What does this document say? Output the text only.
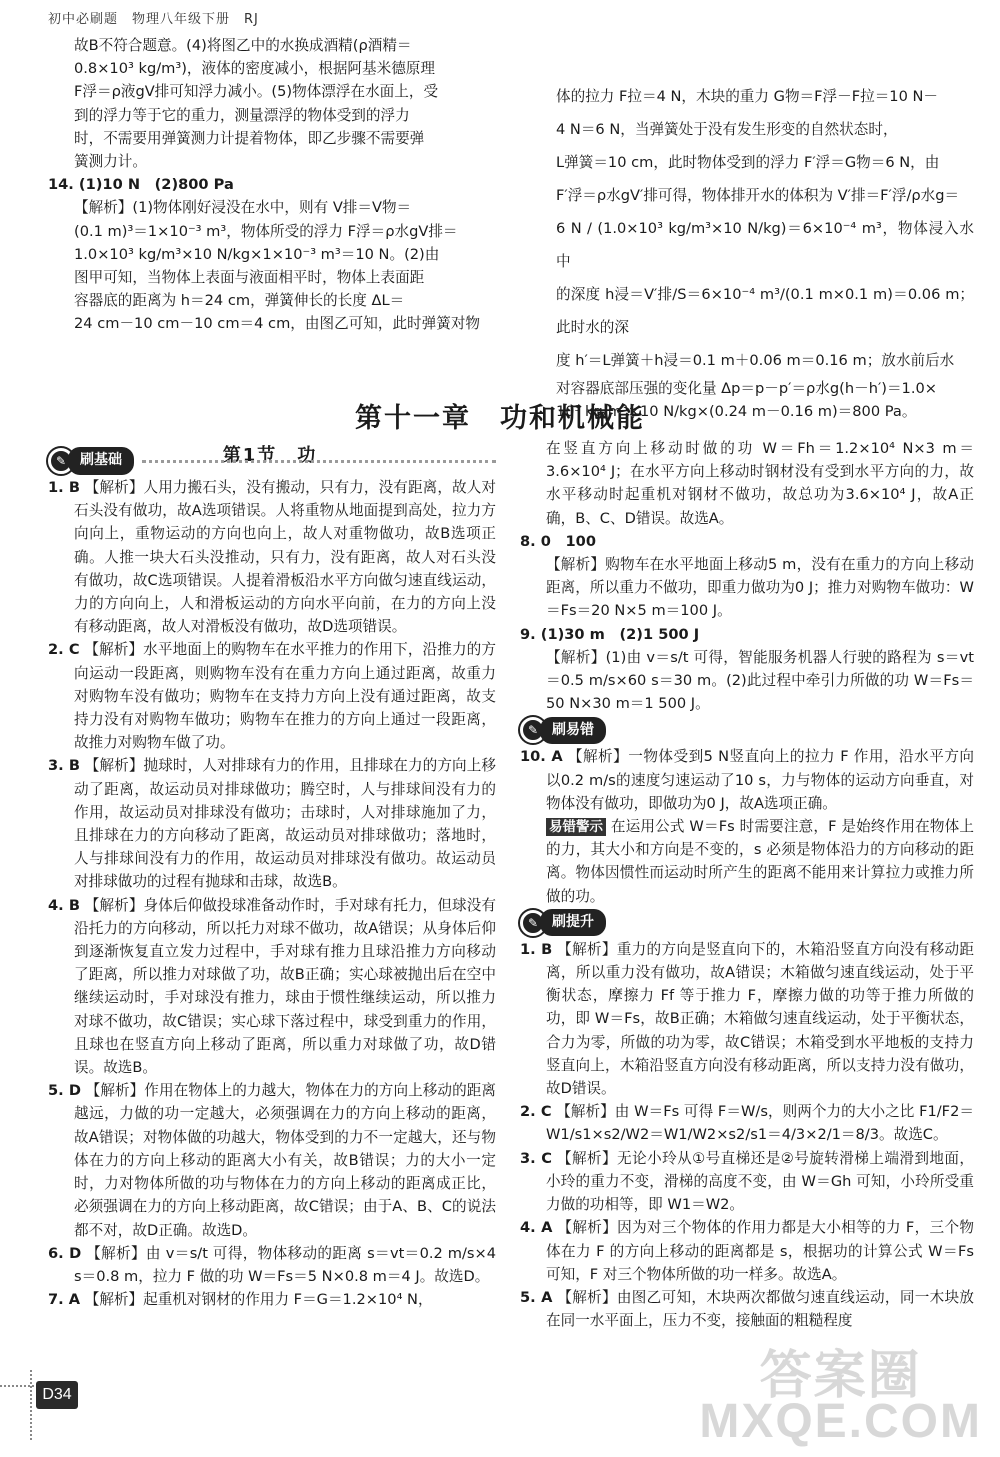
初中必刷题　物理八年级下册　RJ

故B不符合题意。(4)将图乙中的水换成酒精(ρ酒精＝

0.8×10³ kg/m³)，液体的密度减小，根据阿基米德原理

F浮＝ρ液gV排可知浮力减小。(5)物体漂浮在水面上，受

到的浮力等于它的重力，测量漂浮的物体受到的浮力

时，不需要用弹簧测力计提着物体，即乙步骤不需要弹

簧测力计。

14. (1)10 N　(2)800 Pa

【解析】(1)物体刚好浸没在水中，则有 V排＝V物＝

(0.1 m)³＝1×10⁻³ m³，物体所受的浮力 F浮＝ρ水gV排＝

1.0×10³ kg/m³×10 N/kg×1×10⁻³ m³＝10 N。(2)由

图甲可知，当物体上表面与液面相平时，物体上表面距

容器底的距离为 h＝24 cm，弹簧伸长的长度 ΔL＝

24 cm－10 cm－10 cm＝4 cm，由图乙可知，此时弹簧对物

体的拉力 F拉＝4 N，木块的重力 G物＝F浮－F拉＝10 N－

4 N＝6 N，当弹簧处于没有发生形变的自然状态时，

L弹簧＝10 cm，此时物体受到的浮力 F′浮＝G物＝6 N，由

F′浮＝ρ水gV′排可得，物体排开水的体积为 V′排＝F′浮/ρ水g＝

6 N / (1.0×10³ kg/m³×10 N/kg)＝6×10⁻⁴ m³，物体浸入水中

的深度 h浸＝V′排/S＝6×10⁻⁴ m³/(0.1 m×0.1 m)＝0.06 m；此时水的深

度 h′＝L弹簧＋h浸＝0.1 m＋0.06 m＝0.16 m；放水前后水

对容器底部压强的变化量 Δp＝p－p′＝ρ水g(h－h′)＝1.0×

10³ kg/m³×10 N/kg×(0.24 m－0.16 m)＝800 Pa。

第十一章　功和机械能
第1节　功
✎ 刷基础

1. B 【解析】人用力搬石头，没有搬动，只有力，没有距离，故人对石头没有做功，故A选项错误。人将重物从地面提到高处，拉力方向向上，重物运动的方向也向上，故人对重物做功，故B选项正确。人推一块大石头没推动，只有力，没有距离，故人对石头没有做功，故C选项错误。人提着滑板沿水平方向做匀速直线运动，力的方向向上，人和滑板运动的方向水平向前，在力的方向上没有移动距离，故人对滑板没有做功，故D选项错误。

2. C 【解析】水平地面上的购物车在水平推力的作用下，沿推力的方向运动一段距离，则购物车没有在重力方向上通过距离，故重力对购物车没有做功；购物车在支持力方向上没有通过距离，故支持力没有对购物车做功；购物车在推力的方向上通过一段距离，故推力对购物车做了功。

3. B 【解析】抛球时，人对排球有力的作用，且排球在力的方向上移动了距离，故运动员对排球做功；腾空时，人与排球间没有力的作用，故运动员对排球没有做功；击球时，人对排球施加了力，且排球在力的方向移动了距离，故运动员对排球做功；落地时，人与排球间没有力的作用，故运动员对排球没有做功。故运动员对排球做功的过程有抛球和击球，故选B。

4. B 【解析】身体后仰做投球准备动作时，手对球有托力，但球没有沿托力的方向移动，所以托力对球不做功，故A错误；从身体后仰到逐渐恢复直立发力过程中，手对球有推力且球沿推力方向移动了距离，所以推力对球做了功，故B正确；实心球被抛出后在空中继续运动时，手对球没有推力，球由于惯性继续运动，所以推力对球不做功，故C错误；实心球下落过程中，球受到重力的作用，且球也在竖直方向上移动了距离，所以重力对球做了功，故D错误。故选B。

5. D 【解析】作用在物体上的力越大，物体在力的方向上移动的距离越远，力做的功一定越大，必须强调在力的方向上移动的距离，故A错误；对物体做的功越大，物体受到的力不一定越大，还与物体在力的方向上移动的距离大小有关，故B错误；力的大小一定时，力对物体所做的功与物体在力的方向上移动的距离成正比，必须强调在力的方向上移动距离，故C错误；由于A、B、C的说法都不对，故D正确。故选D。

6. D 【解析】由 v＝s/t 可得，物体移动的距离 s＝vt＝0.2 m/s×4 s＝0.8 m，拉力 F 做的功 W＝Fs＝5 N×0.8 m＝4 J。故选D。

7. A 【解析】起重机对钢材的作用力 F＝G＝1.2×10⁴ N，

在竖直方向上移动时做的功 W＝Fh＝1.2×10⁴ N×3 m＝3.6×10⁴ J；在水平方向上移动时钢材没有受到水平方向的力，故水平移动时起重机对钢材不做功，故总功为3.6×10⁴ J，故A正确，B、C、D错误。故选A。

8. 0　100

【解析】购物车在水平地面上移动5 m，没有在重力的方向上移动距离，所以重力不做功，即重力做功为0 J；推力对购物车做功：W＝Fs＝20 N×5 m＝100 J。

9. (1)30 m　(2)1 500 J

【解析】(1)由 v＝s/t 可得，智能服务机器人行驶的路程为 s＝vt＝0.5 m/s×60 s＝30 m。(2)此过程中牵引力所做的功 W＝Fs＝50 N×30 m＝1 500 J。

✎ 刷易错

10. A 【解析】一物体受到5 N竖直向上的拉力 F 作用，沿水平方向以0.2 m/s的速度匀速运动了10 s，力与物体的运动方向垂直，对物体没有做功，即做功为0 J，故A选项正确。

易错警示 在运用公式 W＝Fs 时需要注意，F 是始终作用在物体上的力，其大小和方向是不变的，s 必须是物体沿力的方向移动的距离。物体因惯性而运动时所产生的距离不能用来计算拉力或推力所做的功。

✎ 刷提升

1. B 【解析】重力的方向是竖直向下的，木箱沿竖直方向没有移动距离，所以重力没有做功，故A错误；木箱做匀速直线运动，处于平衡状态，摩擦力 Ff 等于推力 F，摩擦力做的功等于推力所做的功，即 W＝Fs，故B正确；木箱做匀速直线运动，处于平衡状态，合力为零，所做的功为零，故C错误；木箱受到水平地板的支持力竖直向上，木箱沿竖直方向没有移动距离，所以支持力没有做功，故D错误。

2. C 【解析】由 W＝Fs 可得 F＝W/s，则两个力的大小之比 F1/F2＝W1/s1×s2/W2＝W1/W2×s2/s1＝4/3×2/1＝8/3。故选C。

3. C 【解析】无论小玲从①号直梯还是②号旋转滑梯上端滑到地面，小玲的重力不变，滑梯的高度不变，由 W＝Gh 可知，小玲所受重力做的功相等，即 W1＝W2。

4. A 【解析】因为对三个物体的作用力都是大小相等的力 F，三个物体在力 F 的方向上移动的距离都是 s，根据功的计算公式 W＝Fs 可知，F 对三个物体所做的功一样多。故选A。

5. A 【解析】由图乙可知，木块两次都做匀速直线运动，同一木块放在同一水平面上，压力不变，接触面的粗糙程度

D34	答案圈
MXQE.COM
